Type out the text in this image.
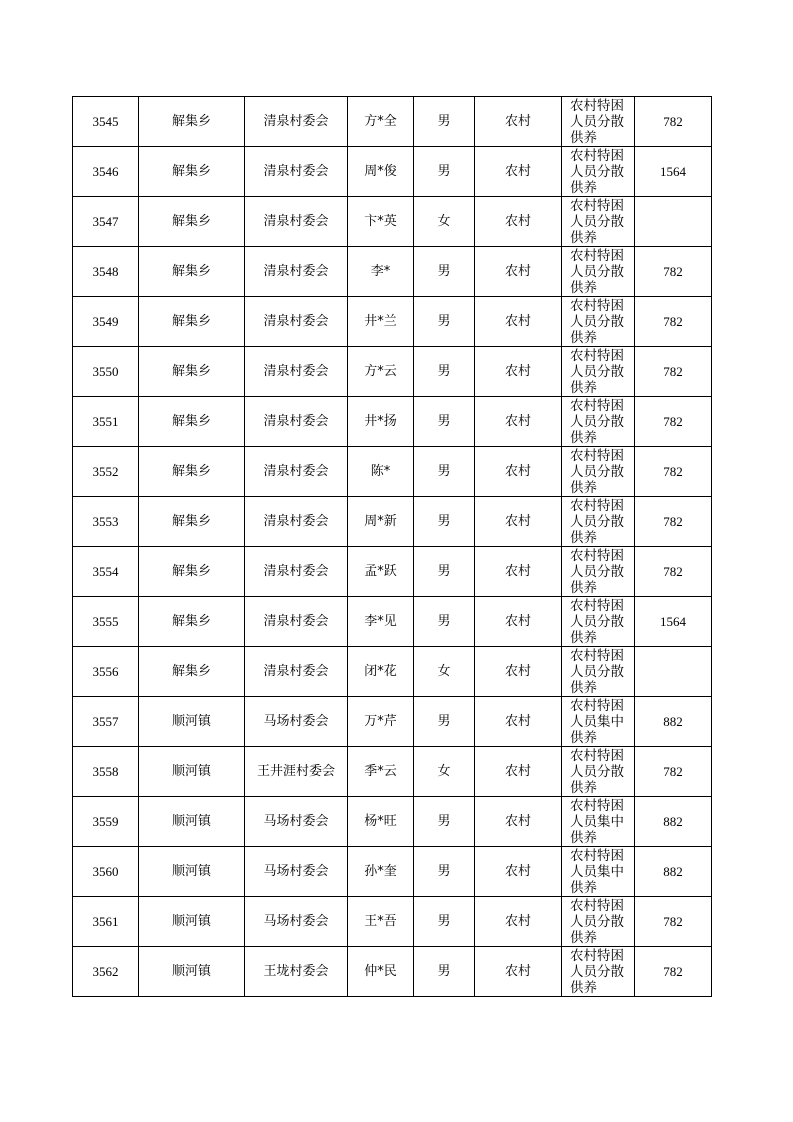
3545	解集乡	清泉村委会	方*全	男	农村	农村特困人员分散供养	782
3546	解集乡	清泉村委会	周*俊	男	农村	农村特困人员分散供养	1564
3547	解集乡	清泉村委会	卞*英	女	农村	农村特困人员分散供养	

3548	解集乡	清泉村委会	李*	男	农村	农村特困人员分散供养	782
3549	解集乡	清泉村委会	井*兰	男	农村	农村特困人员分散供养	782
3550	解集乡	清泉村委会	方*云	男	农村	农村特困人员分散供养	782
3551	解集乡	清泉村委会	井*扬	男	农村	农村特困人员分散供养	782
3552	解集乡	清泉村委会	陈*	男	农村	农村特困人员分散供养	782
3553	解集乡	清泉村委会	周*新	男	农村	农村特困人员分散供养	782
3554	解集乡	清泉村委会	孟*跃	男	农村	农村特困人员分散供养	782
3555	解集乡	清泉村委会	李*见	男	农村	农村特困人员分散供养	1564
3556	解集乡	清泉村委会	闭*花	女	农村	农村特困人员分散供养	

3557	顺河镇	马场村委会	万*芹	男	农村	农村特困人员集中供养	882
3558	顺河镇	王井涯村委会	季*云	女	农村	农村特困人员分散供养	782
3559	顺河镇	马场村委会	杨*旺	男	农村	农村特困人员集中供养	882
3560	顺河镇	马场村委会	孙*奎	男	农村	农村特困人员集中供养	882
3561	顺河镇	马场村委会	王*吾	男	农村	农村特困人员分散供养	782
3562	顺河镇	王垅村委会	仲*民	男	农村	农村特困人员分散供养	782
